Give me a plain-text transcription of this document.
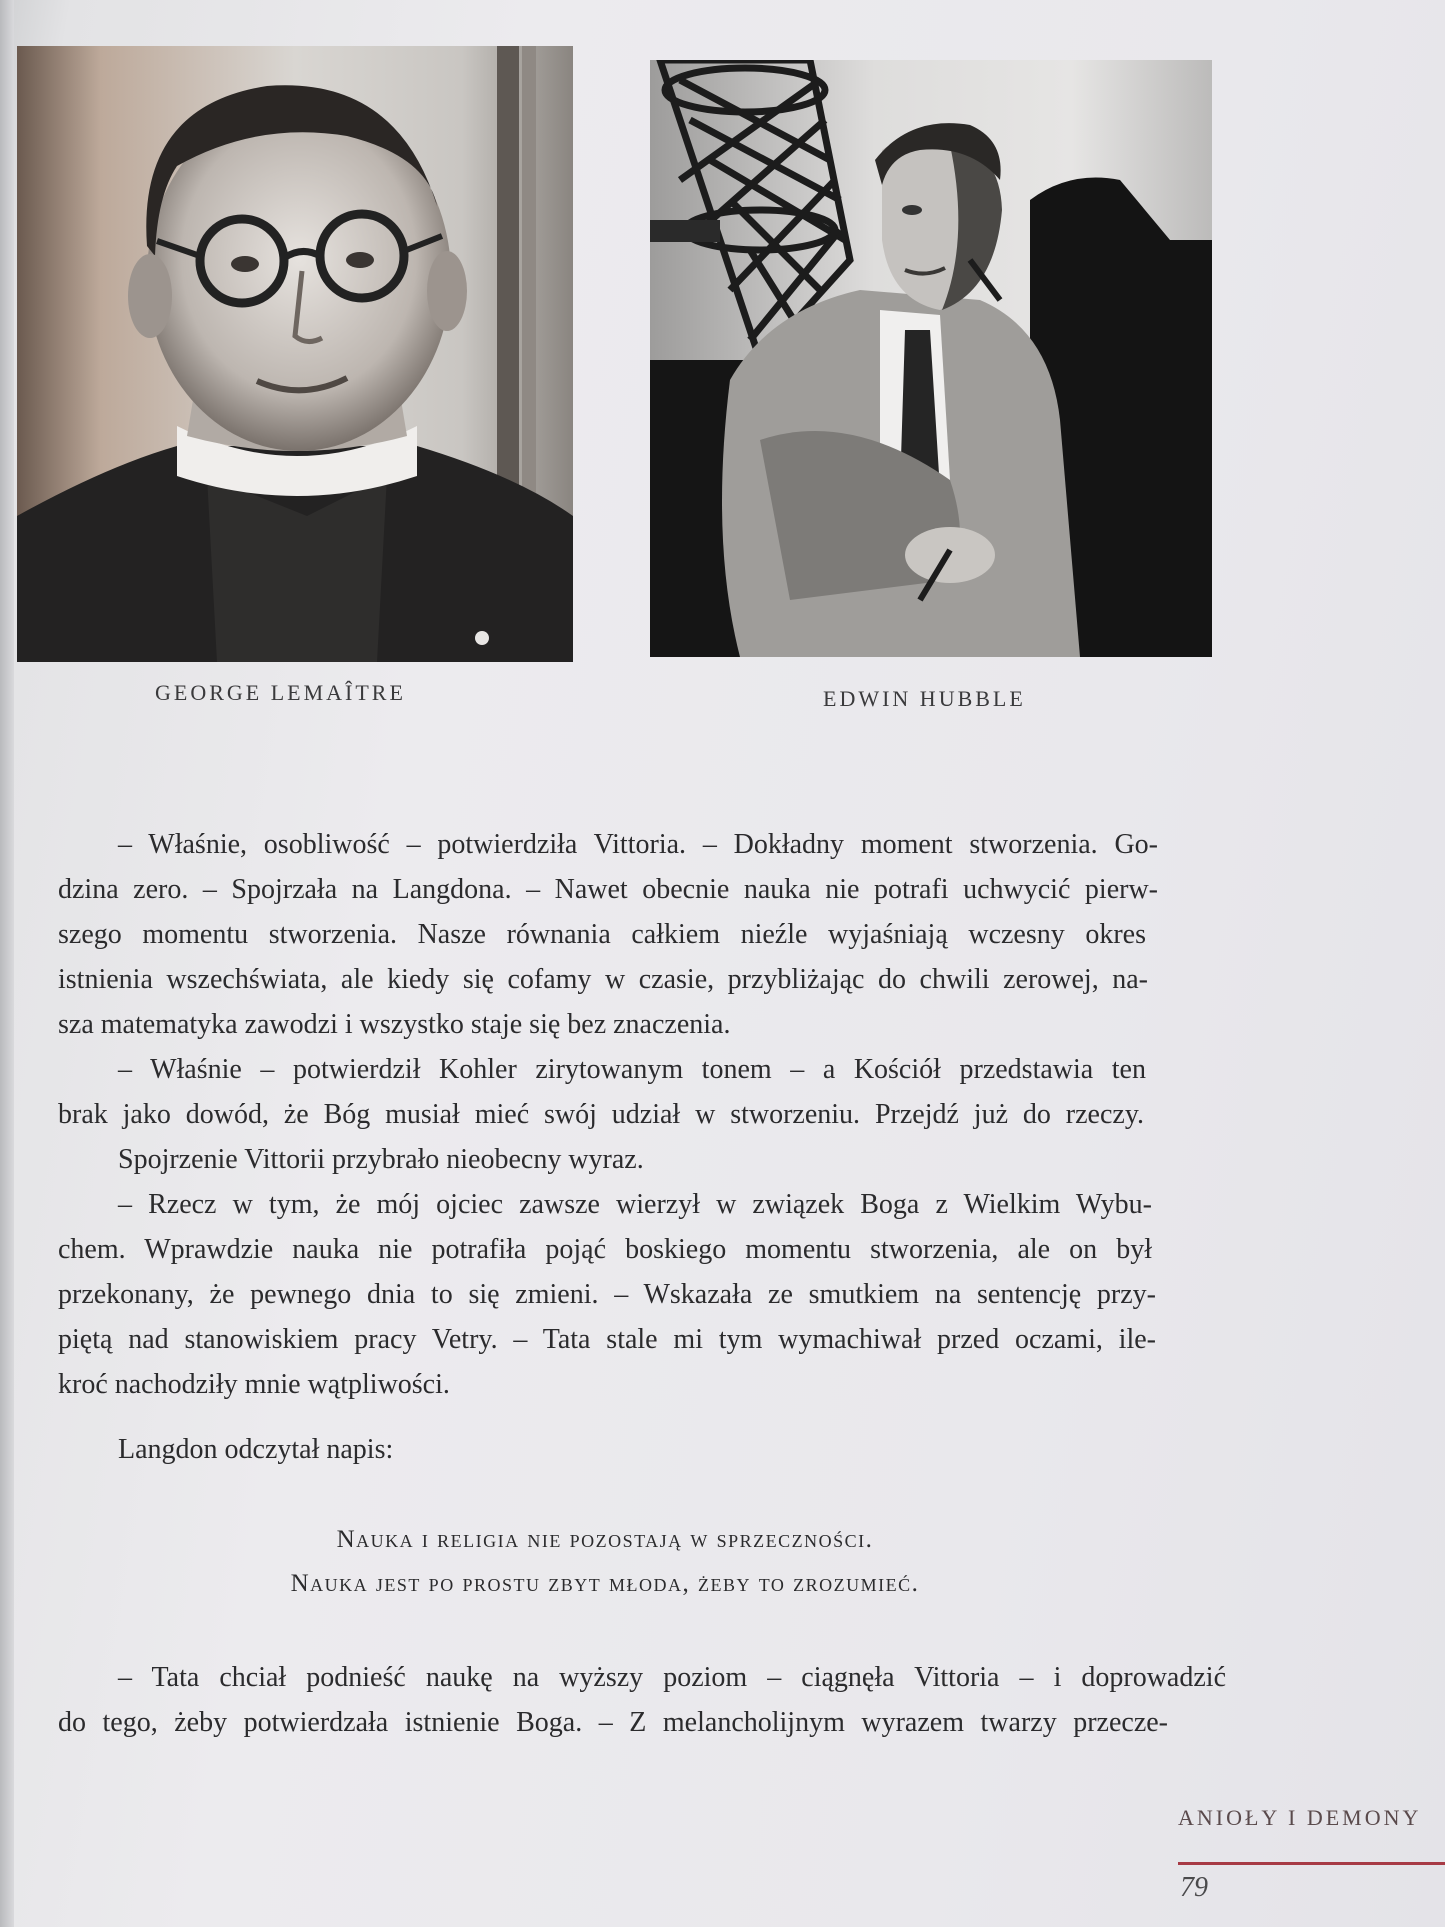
GEORGE LEMAÎTRE	EDWIN HUBBLE
– Właśnie, osobliwość – potwierdziła Vittoria. – Dokładny moment stworzenia. Go-
dzina zero. – Spojrzała na Langdona. – Nawet obecnie nauka nie potrafi uchwycić pierw-
szego momentu stworzenia. Nasze równania całkiem nieźle wyjaśniają wczesny okres
istnienia wszechświata, ale kiedy się cofamy w czasie, przybliżając do chwili zerowej, na-
sza matematyka zawodzi i wszystko staje się bez znaczenia.
– Właśnie – potwierdził Kohler zirytowanym tonem – a Kościół przedstawia ten
brak jako dowód, że Bóg musiał mieć swój udział w stworzeniu. Przejdź już do rzeczy.
Spojrzenie Vittorii przybrało nieobecny wyraz.
– Rzecz w tym, że mój ojciec zawsze wierzył w związek Boga z Wielkim Wybu-
chem. Wprawdzie nauka nie potrafiła pojąć boskiego momentu stworzenia, ale on był
przekonany, że pewnego dnia to się zmieni. – Wskazała ze smutkiem na sentencję przy-
piętą nad stanowiskiem pracy Vetry. – Tata stale mi tym wymachiwał przed oczami, ile-
kroć nachodziły mnie wątpliwości.
Langdon odczytał napis:
Nauka i religia nie pozostają w sprzeczności.
Nauka jest po prostu zbyt młoda, żeby to zrozumieć.
– Tata chciał podnieść naukę na wyższy poziom – ciągnęła Vittoria – i doprowadzić
do tego, żeby potwierdzała istnienie Boga. – Z melancholijnym wyrazem twarzy przecze-
ANIOŁY I DEMONY
79
